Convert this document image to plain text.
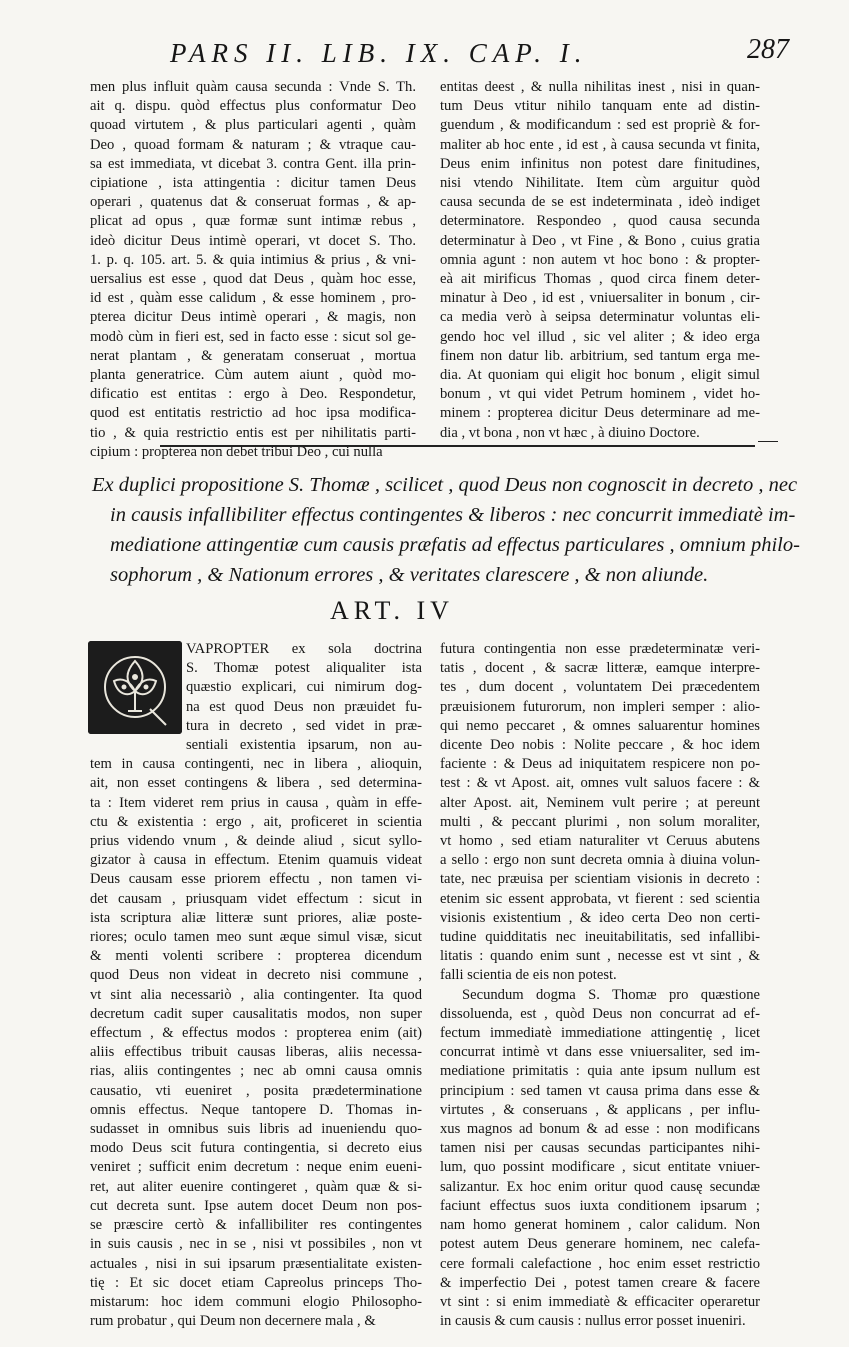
PARS II. LIB. IX. CAP. I.	287
men plus influit quàm causa secunda : Vnde S. Th.
ait q. dispu. quòd effectus plus conformatur Deo
quoad virtutem , & plus particulari agenti , quàm
Deo , quoad formam & naturam ; & vtraque cau-
sa est immediata, vt dicebat 3. contra Gent. illa prin-
cipiatione , ista attingentia : dicitur tamen Deus
operari , quatenus dat & conseruat formas , & ap-
plicat ad opus , quæ formæ sunt intimæ rebus ,
ideò dicitur Deus intimè operari, vt docet S. Tho.
1. p. q. 105. art. 5. & quia intimius & prius , & vni-
uersalius est esse , quod dat Deus , quàm hoc esse,
id est , quàm esse calidum , & esse hominem , pro-
pterea dicitur Deus intimè operari , & magis, non
modò cùm in fieri est, sed in facto esse : sicut sol ge-
nerat plantam , & generatam conseruat , mortua
planta generatrice. Cùm autem aiunt , quòd mo-
dificatio est entitas : ergo à Deo. Respondetur,
quod est entitatis restrictio ad hoc ipsa modifica-
tio , & quia restrictio entis est per nihilitatis parti-
cipium : propterea non debet tribui Deo , cui nulla
entitas deest , & nulla nihilitas inest , nisi in quan-
tum Deus vtitur nihilo tanquam ente ad distin-
guendum , & modificandum : sed est propriè & for-
maliter ab hoc ente , id est , à causa secunda vt finita,
Deus enim infinitus non potest dare finitudines,
nisi vtendo Nihilitate. Item cùm arguitur quòd
causa secunda de se est indeterminata , ideò indiget
determinatore. Respondeo , quod causa secunda
determinatur à Deo , vt Fine , & Bono , cuius gratia
omnia agunt : non autem vt hoc bono : & propter-
eà ait mirificus Thomas , quod circa finem deter-
minatur à Deo , id est , vniuersaliter in bonum , cir-
ca media verò à seipsa determinatur voluntas eli-
gendo hoc vel illud , sic vel aliter ; & ideo erga
finem non datur lib. arbitrium, sed tantum erga me-
dia. At quoniam qui eligit hoc bonum , eligit simul
bonum , vt qui videt Petrum hominem , videt ho-
minem : propterea dicitur Deus determinare ad me-
dia , vt bona , non vt hæc , à diuino Doctore.
Ex duplici propositione S. Thomæ , scilicet , quod Deus non cognoscit in decreto , nec
in causis infallibiliter effectus contingentes & liberos : nec concurrit immediatè im-
mediatione attingentiæ cum causis præfatis ad effectus particulares , omnium philo-
sophorum , & Nationum errores , & veritates clarescere , & non aliunde.
ART. IV
VAPROPTER ex sola doctrina
S. Thomæ potest aliqualiter ista
quæstio explicari, cui nimirum dog-
na est quod Deus non præuidet fu-
tura in decreto , sed videt in præ-
sentiali existentia ipsarum, non au-
tem in causa contingenti, nec in libera , alioquin,
ait, non esset contingens & libera , sed determina-
ta : Item videret rem prius in causa , quàm in effe-
ctu & existentia : ergo , ait, proficeret in scientia
prius videndo vnum , & deinde aliud , sicut syllo-
gizator à causa in effectum. Etenim quamuis videat
Deus causam esse priorem effectu , non tamen vi-
det causam , priusquam videt effectum : sicut in
ista scriptura aliæ litteræ sunt priores, aliæ poste-
riores; oculo tamen meo sunt æque simul visæ, sicut
& menti volenti scribere : propterea dicendum
quod Deus non videat in decreto nisi commune ,
vt sint alia necessariò , alia contingenter. Ita quod
decretum cadit super causalitatis modos, non super
effectum , & effectus modos : propterea enim (ait)
aliis effectibus tribuit causas liberas, aliis necessa-
rias, aliis contingentes ; nec ab omni causa omnis
causatio, vti eueniret , posita prædeterminatione
omnis effectus. Neque tantopere D. Thomas in-
sudasset in omnibus suis libris ad inueniendu quo-
modo Deus scit futura contingentia, si decreto eius
veniret ; sufficit enim decretum : neque enim eueni-
ret, aut aliter euenire contingeret , quàm quæ & si-
cut decreta sunt. Ipse autem docet Deum non pos-
se præscire certò & infallibiliter res contingentes
in suis causis , nec in se , nisi vt possibiles , non vt
actuales , nisi in sui ipsarum præsentialitate existen-
tię : Et sic docet etiam Capreolus princeps Tho-
mistarum: hoc idem communi elogio Philosopho-
rum probatur , qui Deum non decernere mala , &
futura contingentia non esse prædeterminatæ veri-
tatis , docent , & sacræ litteræ, eamque interpre-
tes , dum docent , voluntatem Dei præcedentem
præuisionem futurorum, non impleri semper : alio-
qui nemo peccaret , & omnes saluarentur homines
dicente Deo nobis : Nolite peccare , & hoc idem
faciente : & Deus ad iniquitatem respicere non po-
test : & vt Apost. ait, omnes vult saluos facere : &
alter Apost. ait, Neminem vult perire ; at pereunt
multi , & peccant plurimi , non solum moraliter,
vt homo , sed etiam naturaliter vt Ceruus abutens
a sello : ergo non sunt decreta omnia à diuina volun-
tate, nec præuisa per scientiam visionis in decreto :
etenim sic essent approbata, vt fierent : sed scientia
visionis existentium , & ideo certa Deo non certi-
tudine quidditatis nec ineuitabilitatis, sed infallibi-
litatis : quando enim sunt , necesse est vt sint , &
falli scientia de eis non potest.
Secundum dogma S. Thomæ pro quæstione
dissoluenda, est , quòd Deus non concurrat ad ef-
fectum immediatè immediatione attingentię , licet
concurrat intimè vt dans esse vniuersaliter, sed im-
mediatione primitatis : quia ante ipsum nullum est
principium : sed tamen vt causa prima dans esse &
virtutes , & conseruans , & applicans , per influ-
xus magnos ad bonum & ad esse : non modificans
tamen nisi per causas secundas participantes nihi-
lum, quo possint modificare , sicut entitate vniuer-
salizantur. Ex hoc enim oritur quod causę secundæ
faciunt effectus suos iuxta conditionem ipsarum ;
nam homo generat hominem , calor calidum. Non
potest autem Deus generare hominem, nec calefa-
cere formali calefactione , hoc enim esset restrictio
& imperfectio Dei , potest tamen creare & facere
vt sint : si enim immediatè & efficaciter operaretur
in causis & cum causis : nullus error posset inueniri.
